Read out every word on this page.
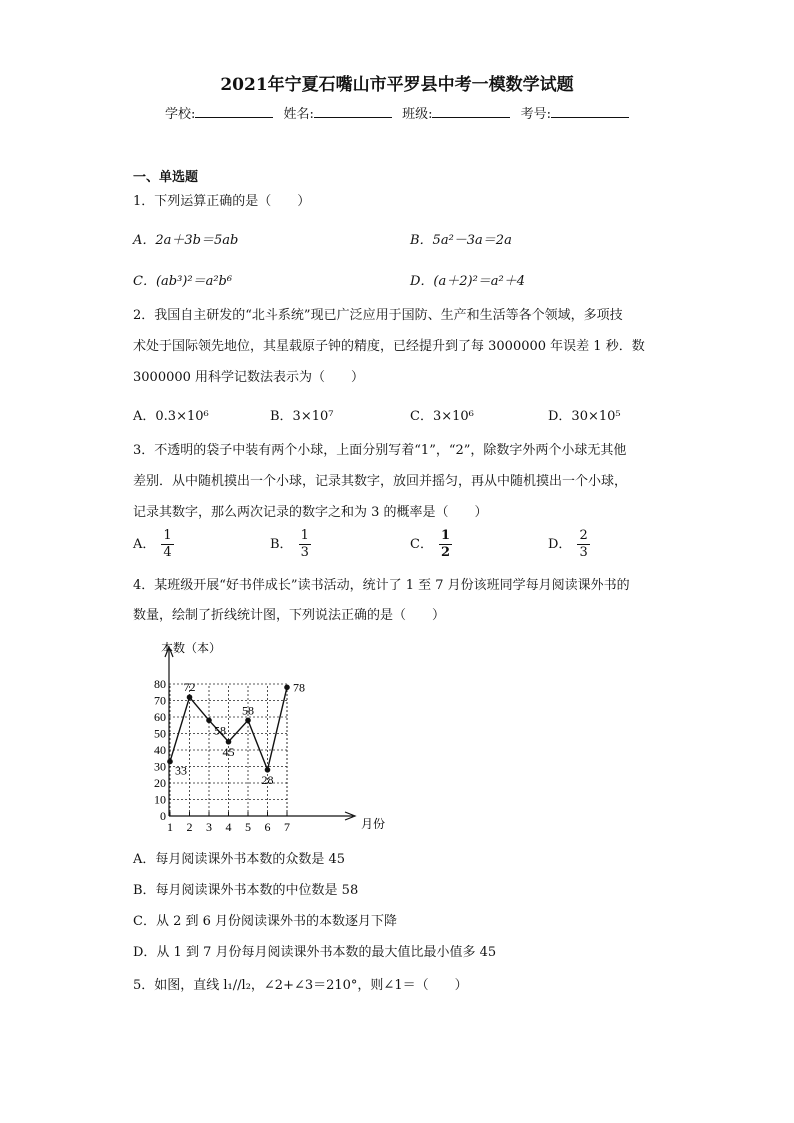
2021年宁夏石嘴山市平罗县中考一模数学试题
学校:	姓名:	班级:	考号:
一、单选题
1．下列运算正确的是（　　）
A．2a＋3b＝5ab	B．5a²－3a＝2a
C．(ab³)²＝a²b⁶	D．(a＋2)²＝a²＋4
2．我国自主研发的“北斗系统”现已广泛应用于国防、生产和生活等各个领域，多项技
术处于国际领先地位，其星载原子钟的精度，已经提升到了每 3000000 年误差 1 秒．数
3000000 用科学记数法表示为（　　）
A．0.3×10⁶	B．3×10⁷	C．3×10⁶	D．30×10⁵
3．不透明的袋子中装有两个小球，上面分别写着“1”，“2”，除数字外两个小球无其他
差别．从中随机摸出一个小球，记录其数字，放回并摇匀，再从中随机摸出一个小球，
记录其数字，那么两次记录的数字之和为 3 的概率是（　　）
A． $\frac{1}{4}$	B． $\frac{1}{3}$	C． $\frac{1}{2}$	D． $\frac{2}{3}$
4．某班级开展“好书伴成长”读书活动，统计了 1 至 7 月份该班同学每月阅读课外书的
数量，绘制了折线统计图，下列说法正确的是（　　）
本数（本）
月份
0
10
20
30
40
50
60
70
80
1 2 3 4 5 6 7
33
72
58
45
58
28
78
A．每月阅读课外书本数的众数是 45
B．每月阅读课外书本数的中位数是 58
C．从 2 到 6 月份阅读课外书的本数逐月下降
D．从 1 到 7 月份每月阅读课外书本数的最大值比最小值多 45
5．如图，直线 l₁//l₂，∠2+∠3＝210°，则∠1＝（　　）
